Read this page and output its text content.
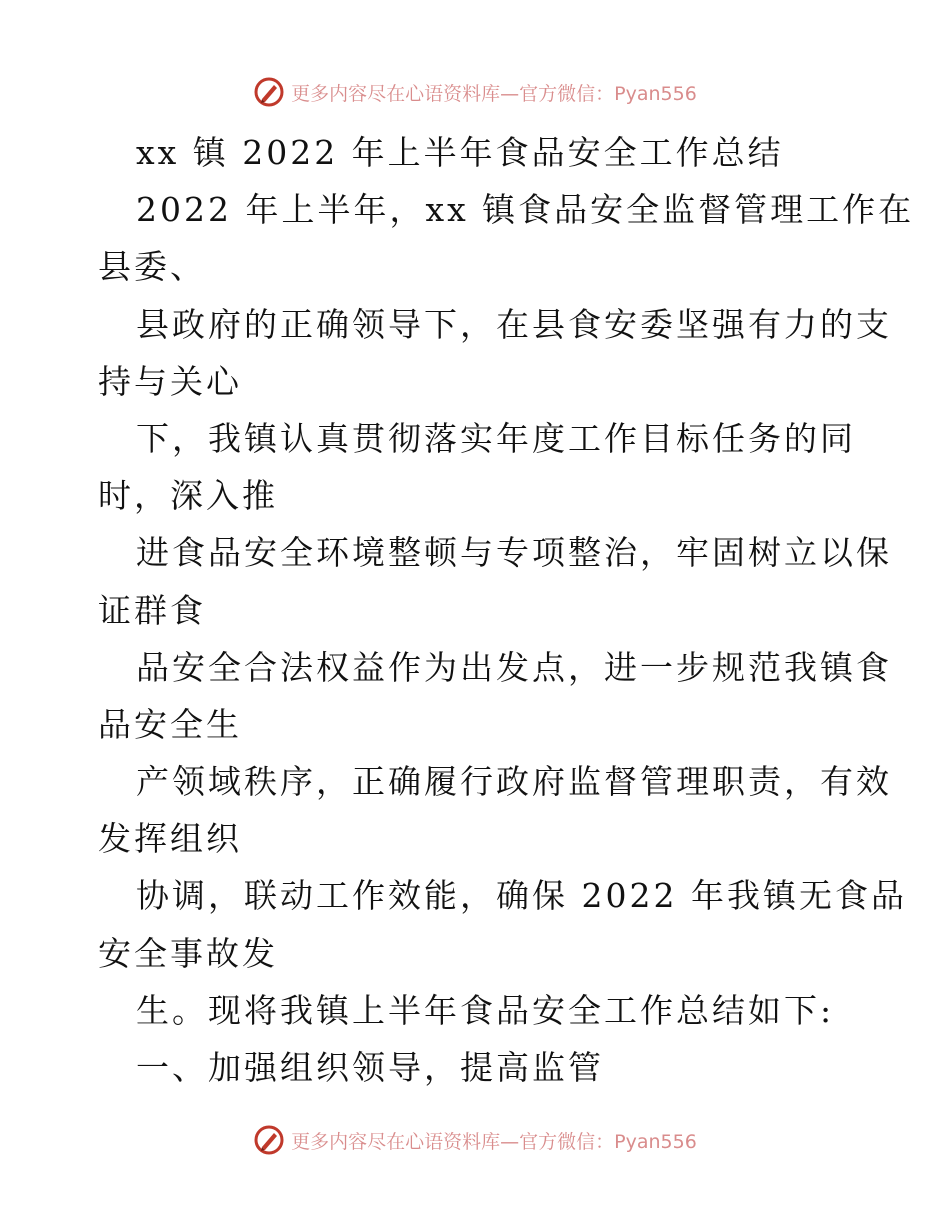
更多内容尽在心语资料库—官方微信：Pyan556
xx 镇 2022 年上半年食品安全工作总结
2022 年上半年，xx 镇食品安全监督管理工作在
县委、
县政府的正确领导下，在县食安委坚强有力的支
持与关心
下，我镇认真贯彻落实年度工作目标任务的同
时，深入推
进食品安全环境整顿与专项整治，牢固树立以保
证群食
品安全合法权益作为出发点，进一步规范我镇食
品安全生
产领域秩序，正确履行政府监督管理职责，有效
发挥组织
协调，联动工作效能，确保 2022 年我镇无食品
安全事故发
生。现将我镇上半年食品安全工作总结如下:
一、加强组织领导，提高监管
更多内容尽在心语资料库—官方微信：Pyan556
